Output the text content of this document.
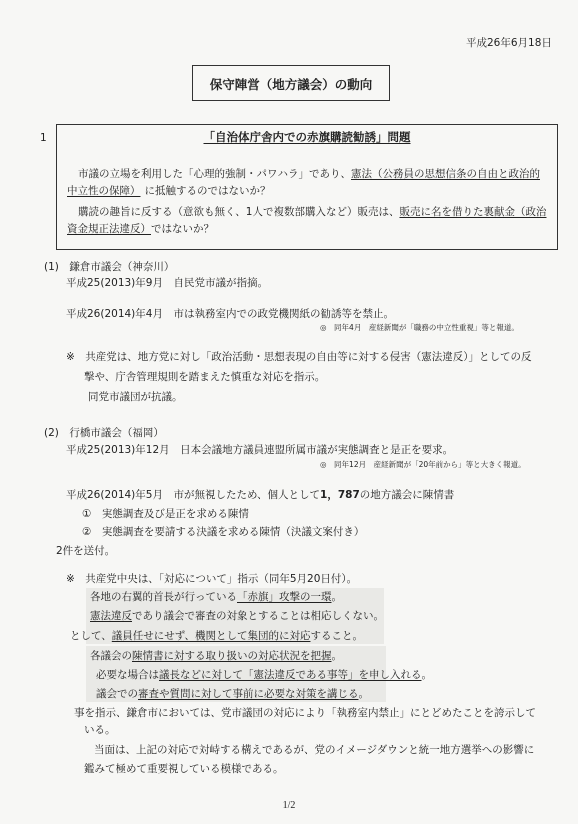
平成26年6月18日
保守陣営（地方議会）の動向
1	「自治体庁舎内での赤旗購読勧誘」問題
市議の立場を利用した「心理的強制・パワハラ」であり、憲法（公務員の思想信条の自由と政治的
中立性の保障） に抵触するのではないか？
購読の趣旨に反する（意欲も無く、1人で複数部購入など）販売は、販売に名を借りた裏献金（政治
資金規正法違反）ではないか？
(1)　鎌倉市議会（神奈川）
平成25(2013)年9月　自民党市議が指摘。
平成26(2014)年4月　市は執務室内での政党機関紙の勧誘等を禁止。
◎　同年4月　産経新聞が「職務の中立性重視」等と報道。
※　共産党は、地方党に対し「政治活動・思想表現の自由等に対する侵害（憲法違反）」としての反
撃や、庁舎管理規則を踏まえた慎重な対応を指示。
同党市議団が抗議。
(2)　行橋市議会（福岡）
平成25(2013)年12月　日本会議地方議員連盟所属市議が実態調査と是正を要求。
◎　同年12月　産経新聞が「20年前から」等と大きく報道。
平成26(2014)年5月　市が無視したため、個人として1，787の地方議会に陳情書
①　実態調査及び是正を求める陳情
②　実態調査を要請する決議を求める陳情（決議文案付き）
2件を送付。
※　共産党中央は、「対応について」指示（同年5月20日付）。
各地の右翼的首長が行っている「赤旗」攻撃の一環。
憲法違反であり議会で審査の対象とすることは相応しくない。
として、議員任せにせず、機関として集団的に対応すること。
各議会の陳情書に対する取り扱いの対応状況を把握。
必要な場合は議長などに対して「憲法違反である事等」を申し入れる。
議会での審査や質問に対して事前に必要な対策を講じる。
事を指示、鎌倉市においては、党市議団の対応により「執務室内禁止」にとどめたことを誇示して
いる。
当面は、上記の対応で対峙する構えであるが、党のイメージダウンと統一地方選挙への影響に
鑑みて極めて重要視している模様である。
1/2
